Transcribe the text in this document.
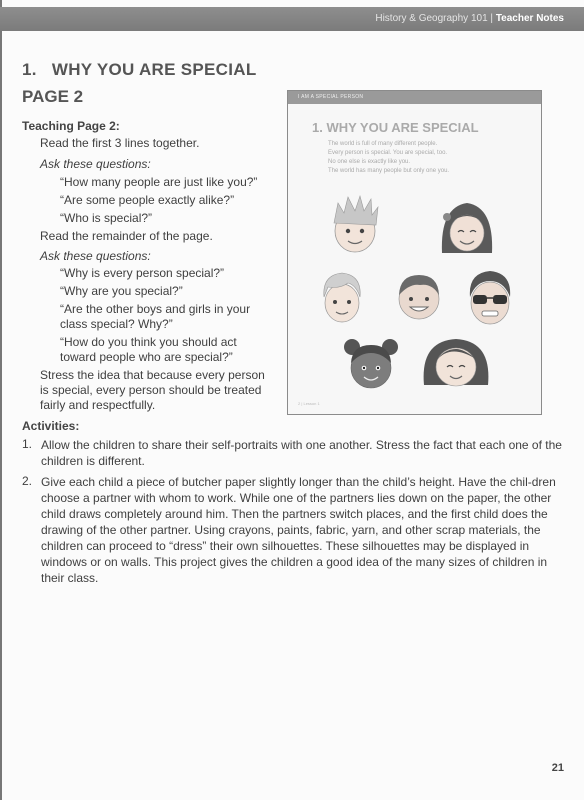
History & Geography 101 | Teacher Notes
1.   WHY YOU ARE SPECIAL
PAGE 2
Teaching Page 2:
Read the first 3 lines together.
Ask these questions:
“How many people are just like you?”
“Are some people exactly alike?”
“Who is special?”
Read the remainder of the page.
Ask these questions:
“Why is every person special?”
“Why are you special?”
“Are the other boys and girls in your
class special? Why?”
“How do you think you should act
toward people who are special?”
Stress the idea that because every person
is special, every person should be treated
fairly and respectfully.
Activities:
1. Allow the children to share their self-portraits with one another. Stress the fact that each one of the children is different.
2. Give each child a piece of butcher paper slightly longer than the child’s height. Have the chil-dren choose a partner with whom to work. While one of the partners lies down on the paper, the other child draws completely around him. Then the partners switch places, and the first child does the drawing of the other partner. Using crayons, paints, fabric, yarn, and other scrap materials, the children can proceed to “dress” their own silhouettes. These silhouettes may be displayed in windows or on walls. This project gives the children a good idea of the many sizes of children in their class.
I AM A SPECIAL PERSON
1. WHY YOU ARE SPECIAL
The world is full of many different people.
Every person is special. You are special, too.
No one else is exactly like you.
The world has many people but only one you.
2 | Lesson 1
21
